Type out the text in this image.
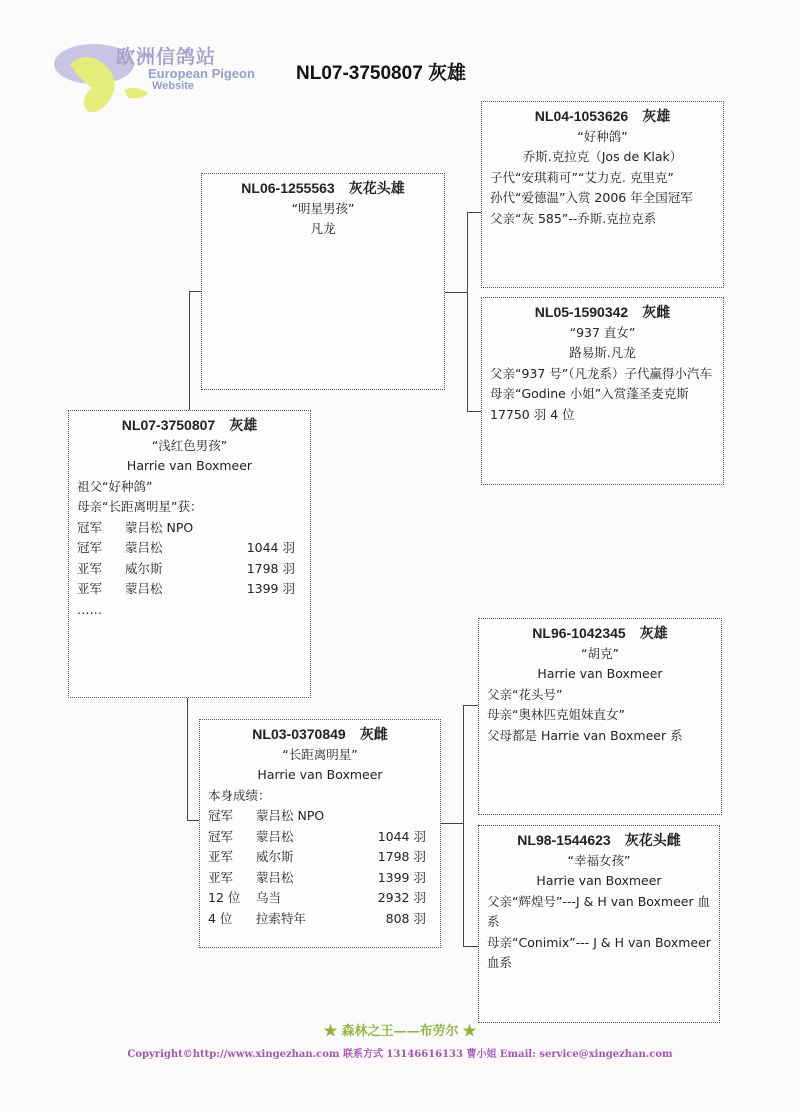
欧洲信鸽站
European Pigeon
Website
NL07-3750807 灰雄
NL07-3750807 灰雄
“浅红色男孩”
Harrie van Boxmeer
祖父“好种鸽”
母亲“长距离明星”获：
冠军	蒙吕松 NPO
冠军	蒙吕松	1044 羽
亚军	威尔斯	1798 羽
亚军	蒙吕松	1399 羽
……
NL06-1255563 灰花头雄
“明星男孩”
凡龙
NL03-0370849 灰雌
“长距离明星”
Harrie van Boxmeer
本身成绩：
冠军	蒙吕松 NPO
冠军	蒙吕松	1044 羽
亚军	威尔斯	1798 羽
亚军	蒙吕松	1399 羽
12 位	乌当	2932 羽
4 位	拉索特年	808 羽
NL04-1053626 灰雄
“好种鸽”
乔斯.克拉克（Jos de Klak）
子代“安琪莉可”“艾力克. 克里克”
孙代“爱德温”入赏 2006 年全国冠军
父亲“灰 585”--乔斯.克拉克系
NL05-1590342 灰雌
“937 直女”
路易斯.凡龙
父亲“937 号”（凡龙系）子代赢得小汽车
母亲“Godine 小姐”入赏蓬圣麦克斯 17750 羽 4 位
NL96-1042345 灰雄
“胡克”
Harrie van Boxmeer
父亲“花头号”
母亲“奥林匹克姐妹直女”
父母都是 Harrie van Boxmeer 系
NL98-1544623 灰花头雌
“幸福女孩”
Harrie van Boxmeer
父亲“辉煌号”---J & H van Boxmeer 血系
母亲“Conimix”--- J & H van Boxmeer 血系
★ 森林之王——布劳尔 ★
Copyright©http://www.xingezhan.com 联系方式 13146616133 曹小姐 Email: service@xingezhan.com
